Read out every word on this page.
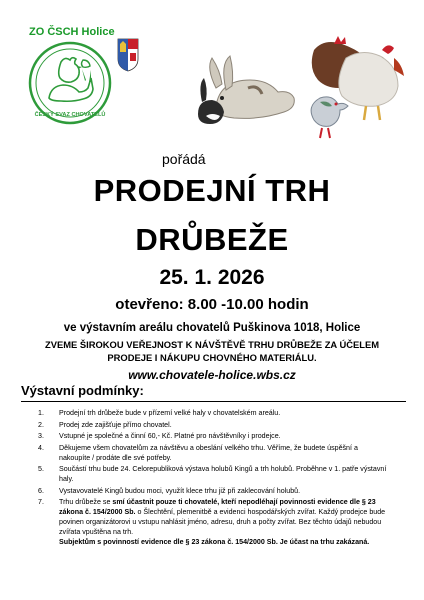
ZO ČSCH Holice
ČESKÝ SVAZ CHOVATELŮ
pořádá
PRODEJNÍ TRH
DRŮBEŽE
25. 1. 2026
otevřeno: 8.00 -10.00 hodin
ve výstavním areálu chovatelů Puškinova 1018, Holice
ZVEME ŠIROKOU VEŘEJNOST K NÁVŠTĚVĚ TRHU DRŮBEŽE ZA ÚČELEM PRODEJE I NÁKUPU CHOVNÉHO MATERIÁLU.
www.chovatele-holice.wbs.cz
Výstavní podmínky:
1. Prodejní trh drůbeže bude v přízemí velké haly v chovatelském areálu.
2. Prodej zde zajišťuje přímo chovatel.
3. Vstupné je společné a činní 60,- Kč. Platné pro návštěvníky i prodejce.
4. Děkujeme všem chovatelům za návštěvu a obeslání velkého trhu. Věříme, že budete úspěšní a nakoupíte / prodáte dle své potřeby.
5. Součástí trhu bude 24. Celorepubliková výstava holubů Kingů a trh holubů. Proběhne v 1. patře výstavní haly.
6. Vystavovatelé Kingů budou moci, využít klece trhu již při zaklecování holubů.
7. Trhu drůbeže se smí účastnit pouze ti chovatelé, kteří nepodléhají povinnosti evidence dle § 23 zákona č. 154/2000 Sb. o Šlechtění, plemenitbě a evidenci hospodářských zvířat. Každý prodejce bude povinen organizátorovi u vstupu nahlásit jméno, adresu, druh a počty zvířat. Bez těchto údajů nebudou zvířata vpuštěna na trh.
Subjektům s povinností evidence dle § 23 zákona č. 154/2000 Sb. Je účast na trhu zakázaná.
